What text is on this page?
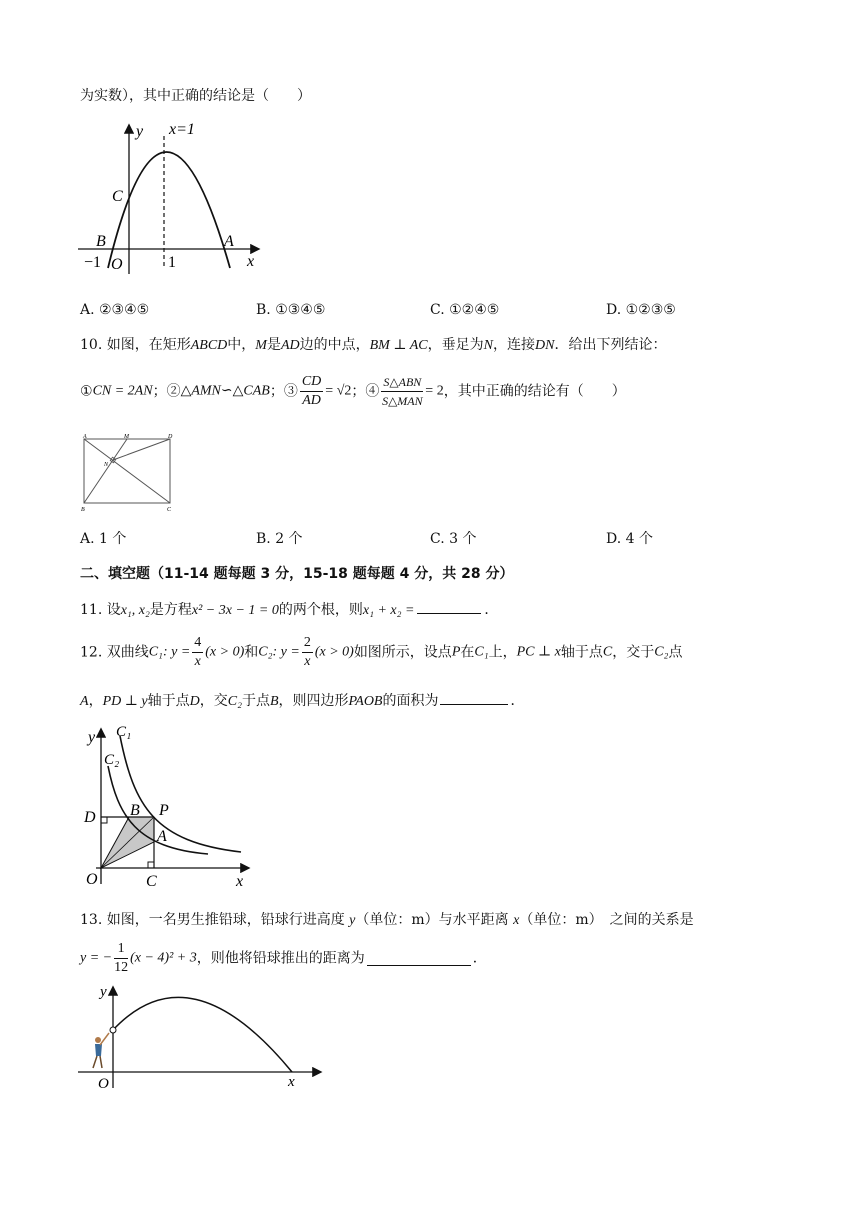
为实数），其中正确的结论是（　　）
y x=1
C
B	A
x
−1 O	1
A. ②③④⑤	B. ①③④⑤	C. ①②④⑤	D. ①②③⑤
10. 如图，在矩形ABCD中，M是AD边的中点，BM ⊥ AC，垂足为N，连接DN．给出下列结论：
①CN = 2AN；②△AMN∽△CAB；③ $\frac{CD}{AD} = √2$；④ $\frac{\text{S△ABN}}{\text{S△MAN}} = 2$，其中正确的结论有（　　）
A	M	D
N
B	C
A. 1 个	B. 2 个	C. 3 个	D. 4 个
二、填空题（11-14 题每题 3 分，15-18 题每题 4 分，共 28 分）
11. 设x₁, x₂是方程x² − 3x − 1 = 0的两个根，则x₁ + x₂ =	．
12. 双曲线C₁: $y = \frac{4}{x} (x > 0)$和C₂: $y = \frac{2}{x} (x > 0)$如图所示，设点P在C₁上，PC ⊥ x轴于点C，交于C₂点
A，PD ⊥ y轴于点D，交C₂于点B，则四边形PAOB的面积为	．
y C₁
C₂
D B P
A
O	C	x
13. 如图，一名男生推铅球，铅球行进高度 y（单位：m）与水平距离 x（单位：m）　之间的关系是
y = − $\frac{1}{12} (x - 4)^2 + 3$，则他将铅球推出的距离为	．
y
O	x
